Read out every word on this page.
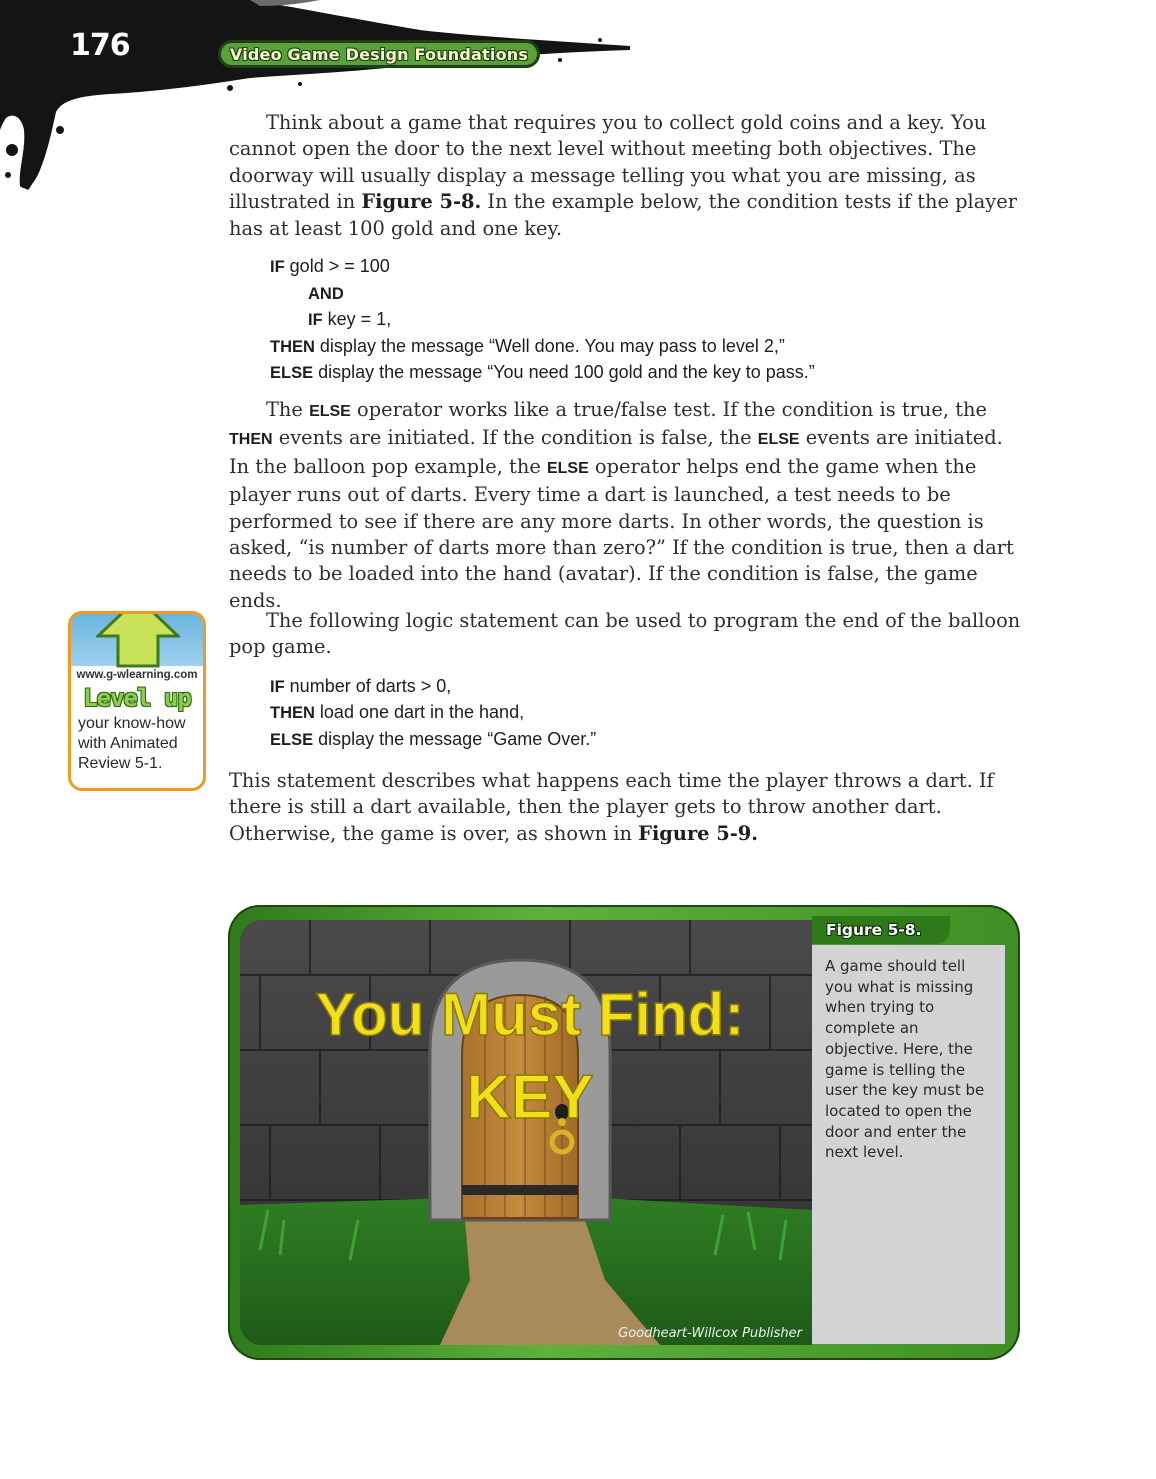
176	Video Game Design Foundations

Think about a game that requires you to collect gold coins and a key. You cannot open the door to the next level without meeting both objectives. The doorway will usually display a message telling you what you are missing, as illustrated in Figure 5-8. In the example below, the condition tests if the player has at least 100 gold and one key.

IF gold > = 100
AND
IF key = 1,
THEN display the message “Well done. You may pass to level 2,”
ELSE display the message “You need 100 gold and the key to pass.”

The ELSE operator works like a true/false test. If the condition is true, the THEN events are initiated. If the condition is false, the ELSE events are initiated. In the balloon pop example, the ELSE operator helps end the game when the player runs out of darts. Every time a dart is launched, a test needs to be performed to see if there are any more darts. In other words, the question is asked, “is number of darts more than zero?” If the condition is true, then a dart needs to be loaded into the hand (avatar). If the condition is false, the game ends.

The following logic statement can be used to program the end of the balloon pop game.

IF number of darts > 0,
THEN load one dart in the hand,
ELSE display the message “Game Over.”

This statement describes what happens each time the player throws a dart. If there is still a dart available, then the player gets to throw another dart. Otherwise, the game is over, as shown in Figure 5-9.

www.g-wlearning.com
Level up
your know-how with Animated Review 5-1.
You Must Find:
KEY
Figure 5-8.
A game should tell you what is missing when trying to complete an objective. Here, the game is telling the user the key must be located to open the door and enter the next level.
Goodheart-Willcox Publisher
